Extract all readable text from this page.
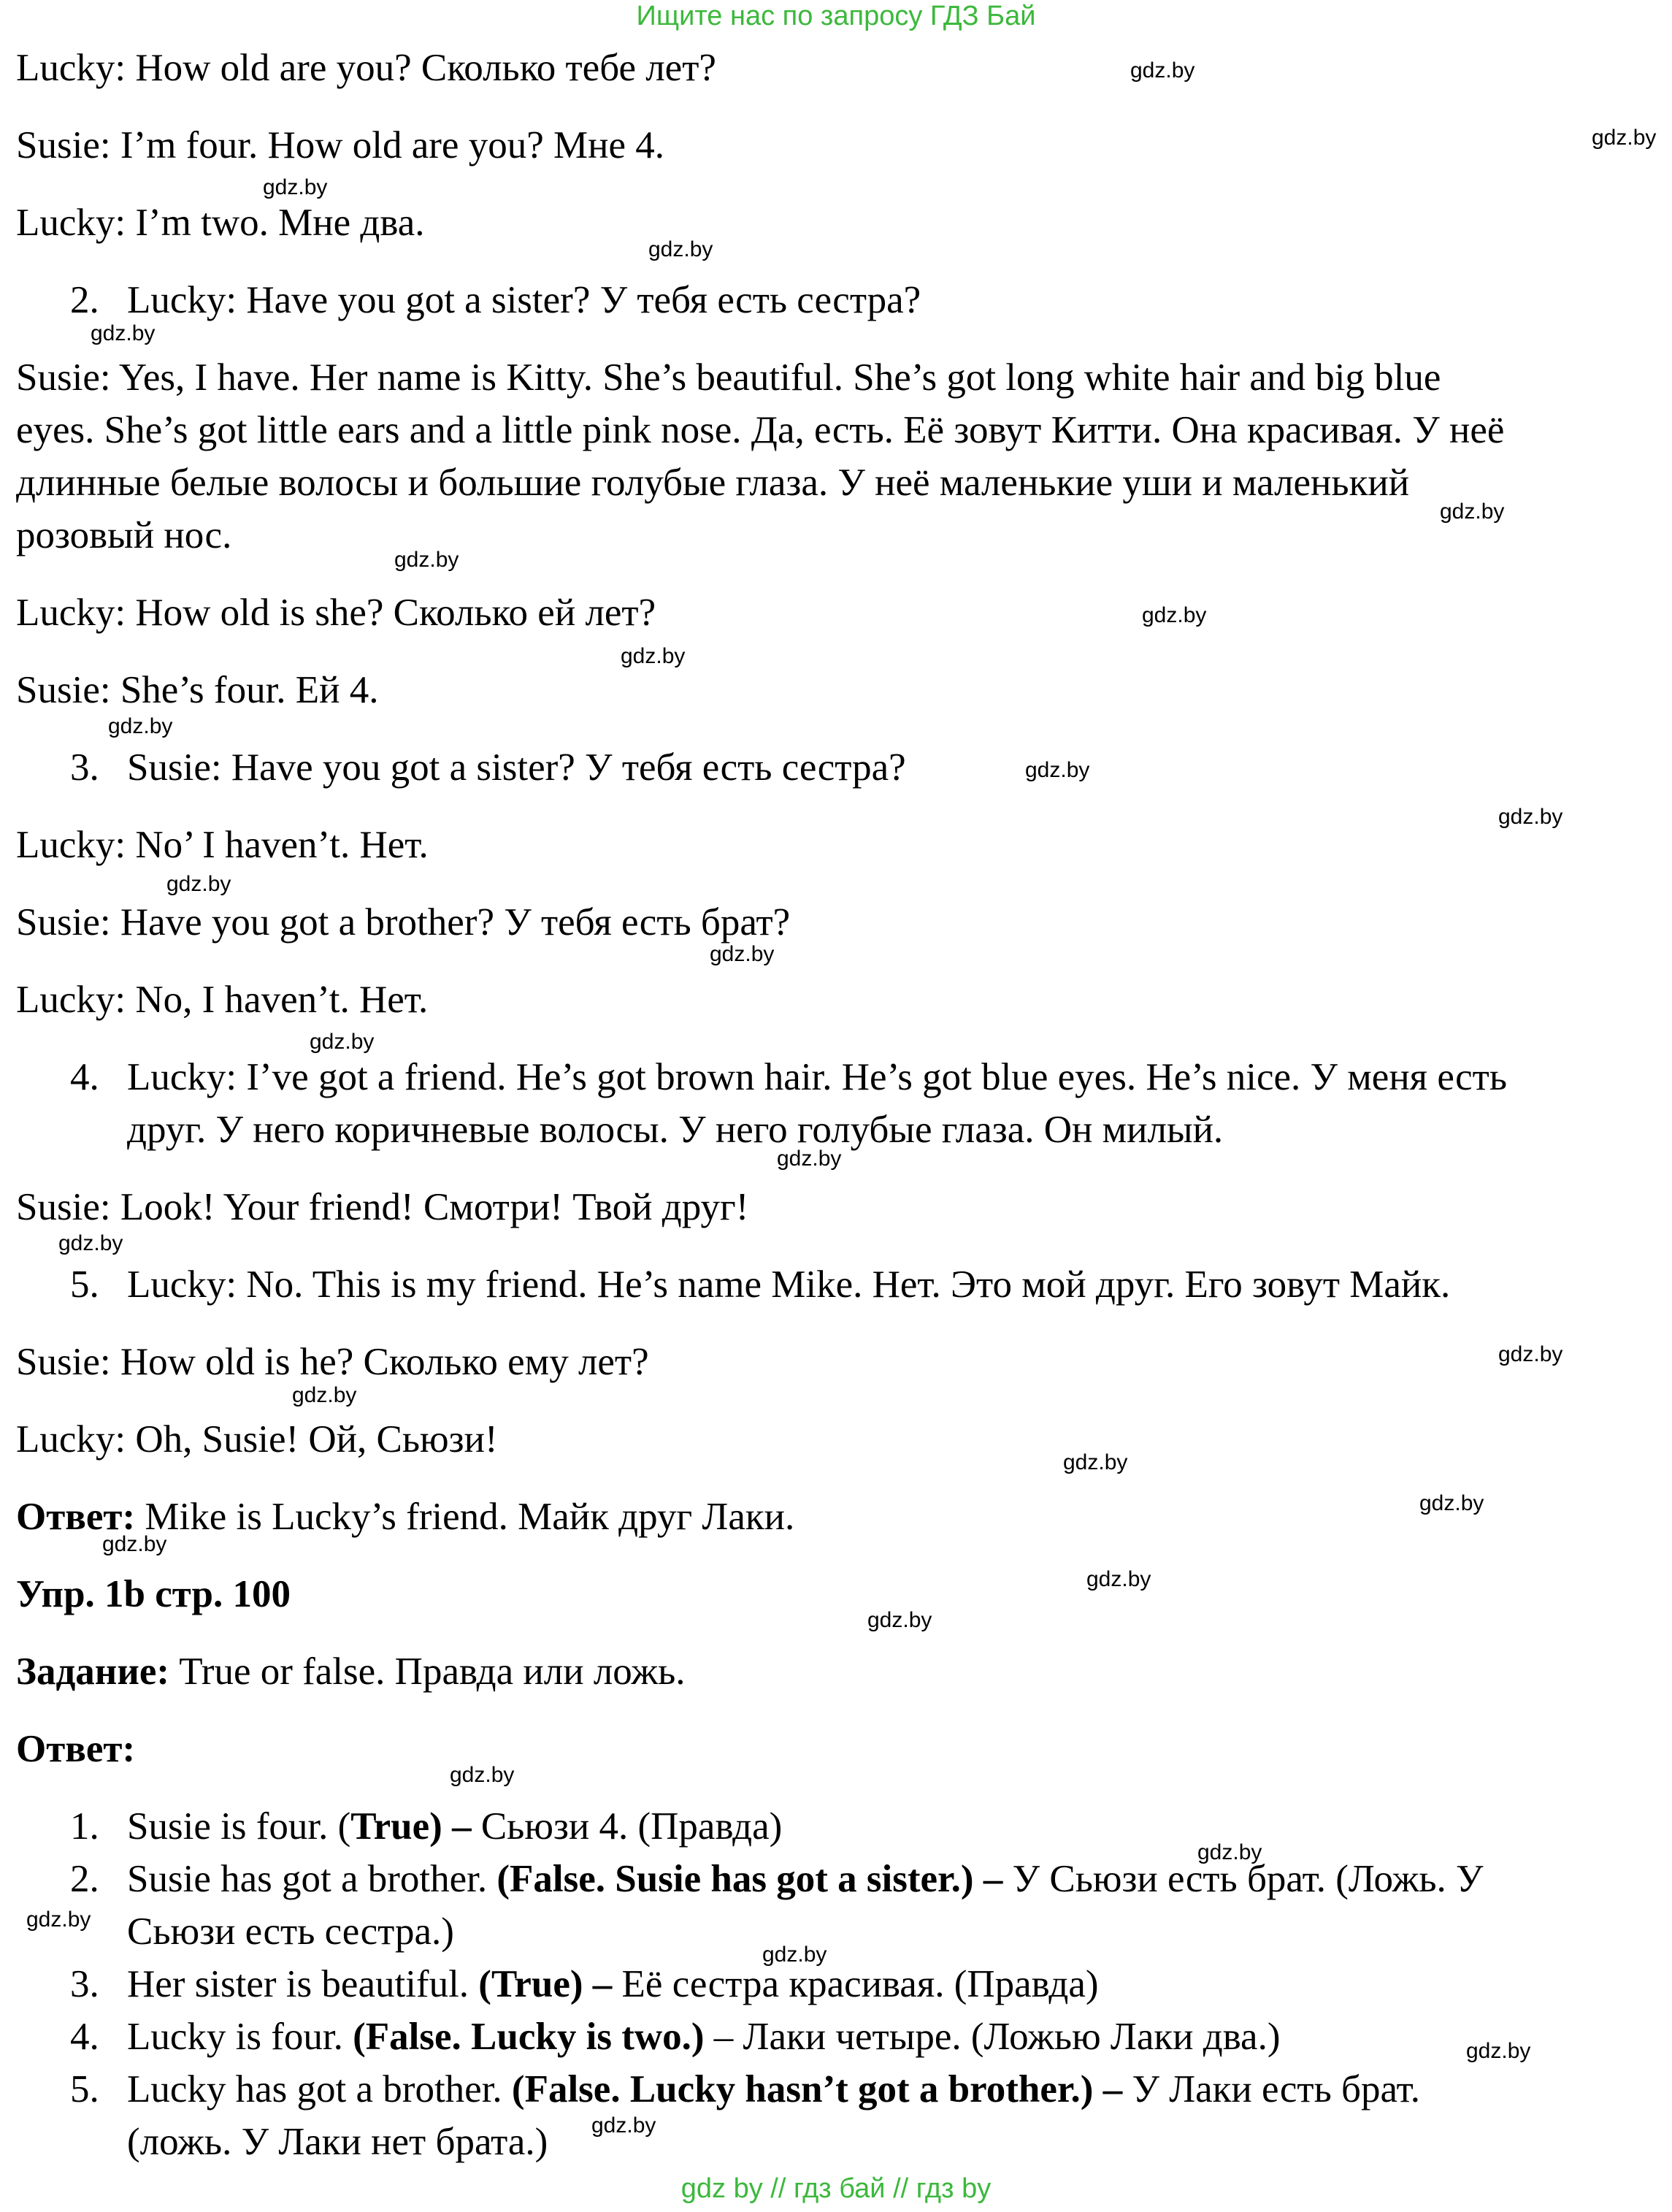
Ищите нас по запросу ГДЗ Бай
Lucky: How old are you? Сколько тебе лет?
Susie: I’m four. How old are you? Мне 4.
Lucky: I’m two. Мне два.
2. Lucky: Have you got a sister? У тебя есть сестра?
Susie: Yes, I have. Her name is Kitty. She’s beautiful. She’s got long white hair and big blue
eyes. She’s got little ears and a little pink nose. Да, есть. Её зовут Китти. Она красивая. У неё
длинные белые волосы и большие голубые глаза. У неё маленькие уши и маленький
розовый нос.
Lucky: How old is she? Сколько ей лет?
Susie: She’s four. Ей 4.
3. Susie: Have you got a sister? У тебя есть сестра?
Lucky: No’ I haven’t. Нет.
Susie: Have you got a brother? У тебя есть брат?
Lucky: No, I haven’t. Нет.
4. Lucky: I’ve got a friend. He’s got brown hair. He’s got blue eyes. He’s nice. У меня есть
друг. У него коричневые волосы. У него голубые глаза. Он милый.
Susie: Look! Your friend! Смотри! Твой друг!
5. Lucky: No. This is my friend. He’s name Mike. Нет. Это мой друг. Его зовут Майк.
Susie: How old is he? Сколько ему лет?
Lucky: Oh, Susie! Ой, Сьюзи!
Ответ: Mike is Lucky’s friend. Майк друг Лаки.
Упр. 1b стр. 100
Задание: True or false. Правда или ложь.
Ответ:
1. Susie is four. (True) – Сьюзи 4. (Правда)
2. Susie has got a brother. (False. Susie has got a sister.) – У Сьюзи есть брат. (Ложь. У
Сьюзи есть сестра.)
3. Her sister is beautiful. (True) – Её сестра красивая. (Правда)
4. Lucky is four. (False. Lucky is two.) – Лаки четыре. (Ложью Лаки два.)
5. Lucky has got a brother. (False. Lucky hasn’t got a brother.) – У Лаки есть брат.
(ложь. У Лаки нет брата.)
gdz.by
gdz.by
gdz.by
gdz.by
gdz.by
gdz.by
gdz.by
gdz.by
gdz.by
gdz.by
gdz.by
gdz.by
gdz.by
gdz.by
gdz.by
gdz.by
gdz.by
gdz.by
gdz.by
gdz.by
gdz.by
gdz.by
gdz.by
gdz.by
gdz.by
gdz.by
gdz.by
gdz.by
gdz.by
gdz.by
gdz by // гдз бай // гдз by
